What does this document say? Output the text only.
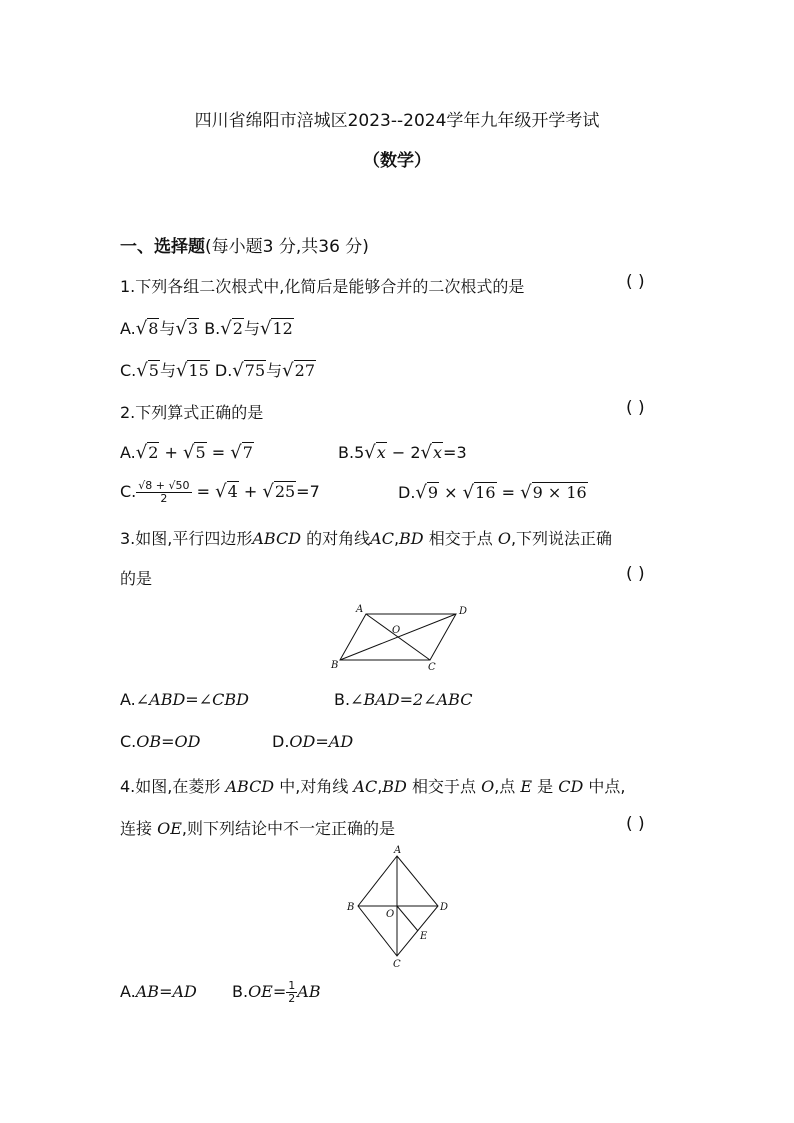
四川省绵阳市涪城区2023--2024学年九年级开学考试
（数学）
一、选择题(每小题3 分,共36 分)
1.下列各组二次根式中,化简后是能够合并的二次根式的是	( )
A.√8与√3 B.√2与√12
C.√5与√15 D.√75与√27
2.下列算式正确的是	( )
A.√2 + √5 = √7	B.5√x − 2√x=3
C. $\frac{√8 + √50}{2} = √4 + √25=7$	D.√9 × √16 = √9 × 16
3.如图,平行四边形ABCD 的对角线AC,BD 相交于点 O,下列说法正确
的是	( )
A	D
B	C
O
A.∠ABD=∠CBD	B.∠BAD=2∠ABC
C.OB=OD	D.OD=AD
4.如图,在菱形 ABCD 中,对角线 AC,BD 相交于点 O,点 E 是 CD 中点,
连接 OE,则下列结论中不一定正确的是	( )
A
B	D
C
O
E
A.AB=AD $B.OE= \frac{1}{2}$ AB
